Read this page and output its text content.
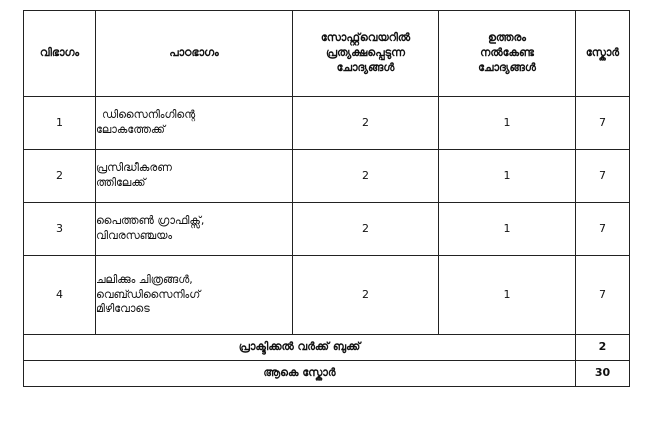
വിഭാഗം	പാഠഭാഗം	സോഫ്റ്റ്‌വെയറിൽ
പ്രത്യക്ഷപ്പെടുന്ന
ചോദ്യങ്ങൾ	ഉത്തരം
നൽകേണ്ട
ചോദ്യങ്ങൾ	സ്കോർ
1	ഡിസൈനിംഗിന്റെ
ലോകത്തേക്ക്	2	1	7
2	പ്രസിദ്ധീകരണ
ത്തിലേക്ക്	2	1	7
3	പൈത്തൺ ഗ്രാഫിക്സ്,
വിവരസഞ്ചയം	2	1	7
4	ചലിക്കും ചിത്രങ്ങൾ,
വെബ്ഡിസൈനിംഗ്
മിഴിവോടെ	2	1	7
പ്രാക്ടിക്കൽ വർക്ക് ബുക്ക്				2
ആകെ സ്കോർ				30
